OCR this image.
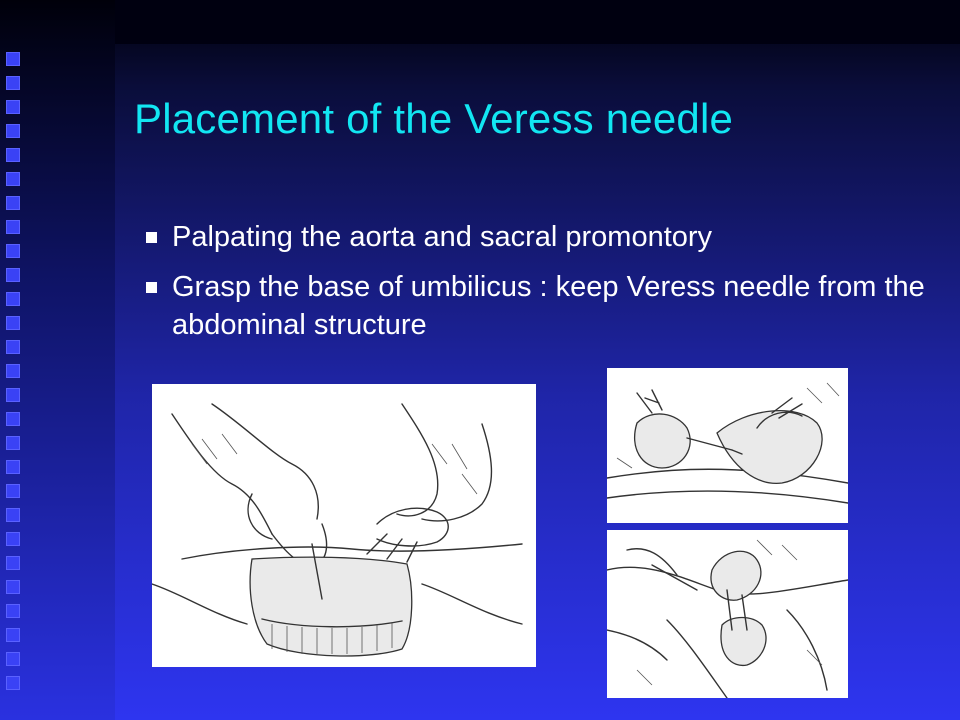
Placement of the Veress needle
Palpating the aorta and sacral promontory
Grasp the base of umbilicus : keep Veress needle from the abdominal structure
